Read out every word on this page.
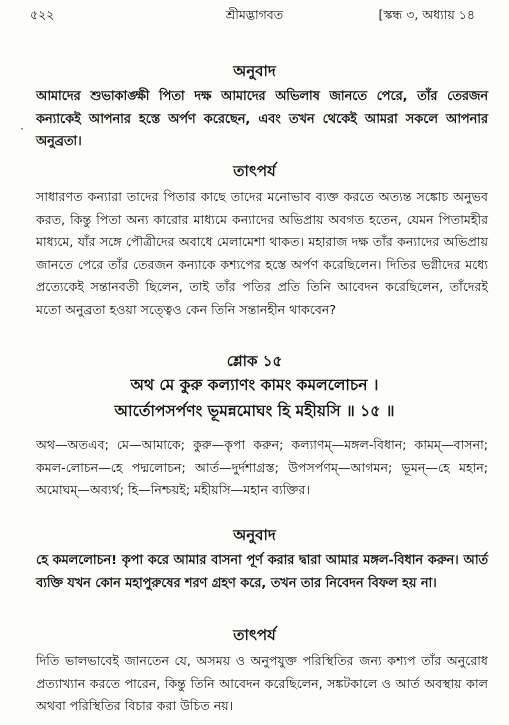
৫২২	শ্রীমদ্ভাগবত	[স্কন্ধ ৩, অধ্যায় ১৪
অনুবাদ

আমাদের শুভাকাঙ্ক্ষী পিতা দক্ষ আমাদের অভিলাষ জানতে পেরে, তাঁর তেরজন কন্যাকেই আপনার হস্তে অর্পণ করেছেন, এবং তখন থেকেই আমরা সকলে আপনার অনুব্রতা।

·
তাৎপর্য

সাধারণত কন্যারা তাদের পিতার কাছে তাদের মনোভাব ব্যক্ত করতে অত্যন্ত সঙ্কোচ অনুভব করত, কিন্তু পিতা অন্য কারোর মাধ্যমে কন্যাদের অভিপ্রায় অবগত হতেন, যেমন পিতামহীর মাধ্যমে, যাঁর সঙ্গে পৌত্রীদের অবাধে মেলামেশা থাকত। মহারাজ দক্ষ তাঁর কন্যাদের অভিপ্রায় জানতে পেরে তাঁর তেরজন কন্যাকে কশ্যপের হস্তে অর্পণ করেছিলেন। দিতির ভগ্নীদের মধ্যে প্রত্যেকেই সন্তানবতী ছিলেন, তাই তাঁর পতির প্রতি তিনি আবেদন করেছিলেন, তাঁদেরই মতো অনুব্রতা হওয়া সত্ত্বেও কেন তিনি সন্তানহীন থাকবেন?

শ্লোক ১৫
অথ মে কুরু কল্যাণং কামং কমললোচন ।
আর্তোপসর্পণং ভূমন্নমোঘং হি মহীয়সি ॥ ১৫ ॥

অথ—অতএব; মে—আমাকে; কুরু—কৃপা করুন; কল্যাণম্—মঙ্গল-বিধান; কামম্—বাসনা; কমল-লোচন—হে পদ্মলোচন; আর্ত—দুর্দশাগ্রস্ত; উপসর্পণম্—আগমন; ভূমন্—হে মহান; অমোঘম্—অব্যর্থ; হি—নিশ্চয়ই; মহীয়সি—মহান ব্যক্তির।

অনুবাদ

হে কমললোচন! কৃপা করে আমার বাসনা পূর্ণ করার দ্বারা আমার মঙ্গল-বিধান করুন। আর্ত ব্যক্তি যখন কোন মহাপুরুষের শরণ গ্রহণ করে, তখন তার নিবেদন বিফল হয় না।

তাৎপর্য

দিতি ভালভাবেই জানতেন যে, অসময় ও অনুপযুক্ত পরিস্থিতির জন্য কশ্যপ তাঁর অনুরোধ প্রত্যাখ্যান করতে পারেন, কিন্তু তিনি আবেদন করেছিলেন, সঙ্কটকালে ও আর্ত অবস্থায় কাল অথবা পরিস্থিতির বিচার করা উচিত নয়।
